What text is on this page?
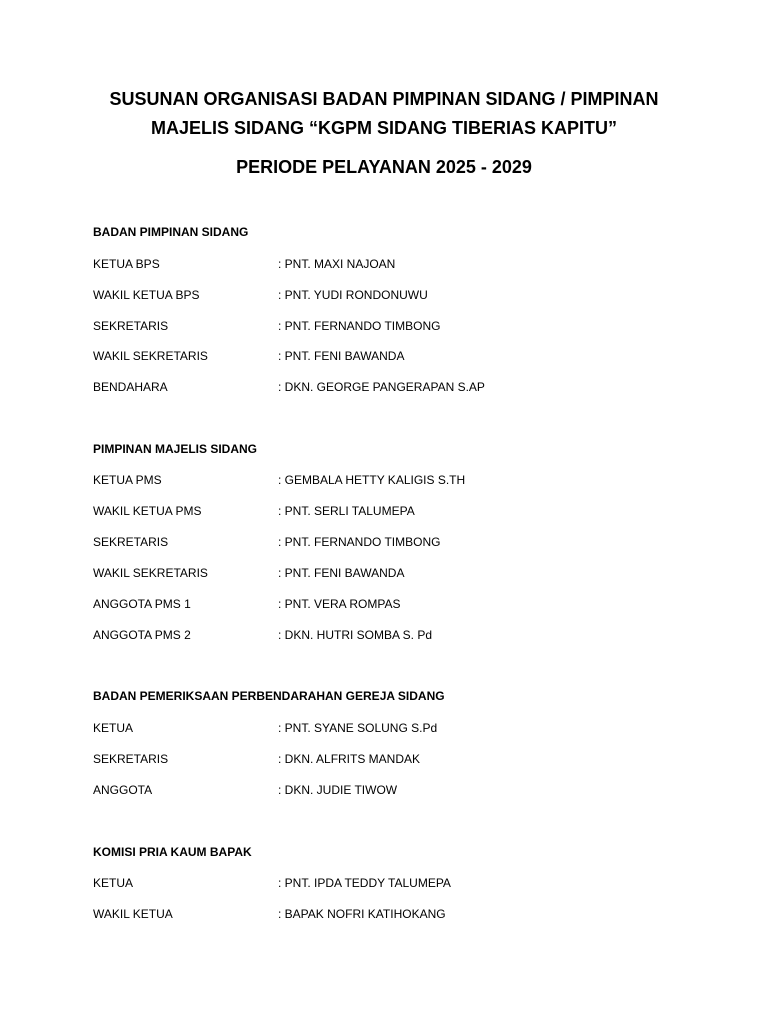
SUSUNAN ORGANISASI BADAN PIMPINAN SIDANG / PIMPINAN
MAJELIS SIDANG “KGPM SIDANG TIBERIAS KAPITU”
PERIODE PELAYANAN 2025 - 2029
BADAN PIMPINAN SIDANG
KETUA BPS	: PNT. MAXI NAJOAN
WAKIL KETUA BPS	: PNT. YUDI RONDONUWU
SEKRETARIS	: PNT. FERNANDO TIMBONG
WAKIL SEKRETARIS	: PNT. FENI BAWANDA
BENDAHARA	: DKN. GEORGE PANGERAPAN S.AP
PIMPINAN MAJELIS SIDANG
KETUA PMS	: GEMBALA HETTY KALIGIS S.TH
WAKIL KETUA PMS	: PNT. SERLI TALUMEPA
SEKRETARIS	: PNT. FERNANDO TIMBONG
WAKIL SEKRETARIS	: PNT. FENI BAWANDA
ANGGOTA PMS 1	: PNT. VERA ROMPAS
ANGGOTA PMS 2	: DKN. HUTRI SOMBA S. Pd
BADAN PEMERIKSAAN PERBENDARAHAN GEREJA SIDANG
KETUA	: PNT. SYANE SOLUNG S.Pd
SEKRETARIS	: DKN. ALFRITS MANDAK
ANGGOTA	: DKN. JUDIE TIWOW
KOMISI PRIA KAUM BAPAK
KETUA	: PNT. IPDA TEDDY TALUMEPA
WAKIL KETUA	: BAPAK NOFRI KATIHOKANG
